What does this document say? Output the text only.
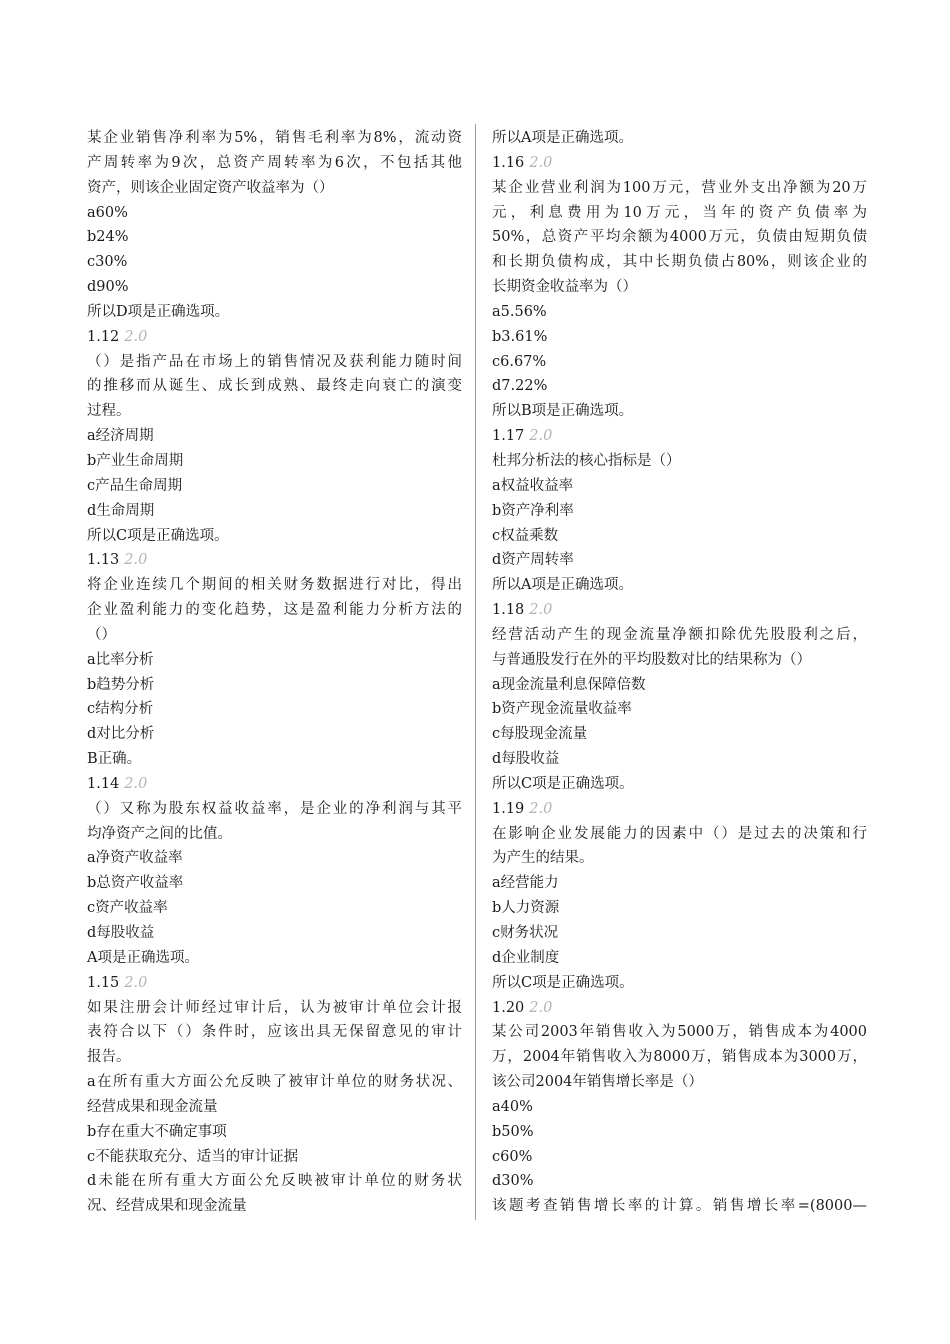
某企业销售净利率为5%，销售毛利率为8%，流动资
产周转率为9次，总资产周转率为6次，不包括其他
资产，则该企业固定资产收益率为（）
a60%
b24%
c30%
d90%
所以D项是正确选项。
1.12 2.0
（）是指产品在市场上的销售情况及获利能力随时间
的推移而从诞生、成长到成熟、最终走向衰亡的演变
过程。
a经济周期
b产业生命周期
c产品生命周期
d生命周期
所以C项是正确选项。
1.13 2.0
将企业连续几个期间的相关财务数据进行对比，得出
企业盈利能力的变化趋势，这是盈利能力分析方法的
（）
a比率分析
b趋势分析
c结构分析
d对比分析
B正确。
1.14 2.0
（）又称为股东权益收益率，是企业的净利润与其平
均净资产之间的比值。
a净资产收益率
b总资产收益率
c资产收益率
d每股收益
A项是正确选项。
1.15 2.0
如果注册会计师经过审计后，认为被审计单位会计报
表符合以下（）条件时，应该出具无保留意见的审计
报告。
a在所有重大方面公允反映了被审计单位的财务状况、
经营成果和现金流量
b存在重大不确定事项
c不能获取充分、适当的审计证据
d未能在所有重大方面公允反映被审计单位的财务状
况、经营成果和现金流量
所以A项是正确选项。
1.16 2.0
某企业营业利润为100万元，营业外支出净额为20万
元，利息费用为10万元，当年的资产负债率为
50%，总资产平均余额为4000万元，负债由短期负债
和长期负债构成，其中长期负债占80%，则该企业的
长期资金收益率为（）
a5.56%
b3.61%
c6.67%
d7.22%
所以B项是正确选项。
1.17 2.0
杜邦分析法的核心指标是（）
a权益收益率
b资产净利率
c权益乘数
d资产周转率
所以A项是正确选项。
1.18 2.0
经营活动产生的现金流量净额扣除优先股股利之后，
与普通股发行在外的平均股数对比的结果称为（）
a现金流量利息保障倍数
b资产现金流量收益率
c每股现金流量
d每股收益
所以C项是正确选项。
1.19 2.0
在影响企业发展能力的因素中（）是过去的决策和行
为产生的结果。
a经营能力
b人力资源
c财务状况
d企业制度
所以C项是正确选项。
1.20 2.0
某公司2003年销售收入为5000万，销售成本为4000
万，2004年销售收入为8000万，销售成本为3000万，
该公司2004年销售增长率是（）
a40%
b50%
c60%
d30%
该题考查销售增长率的计算。销售增长率=(8000—
